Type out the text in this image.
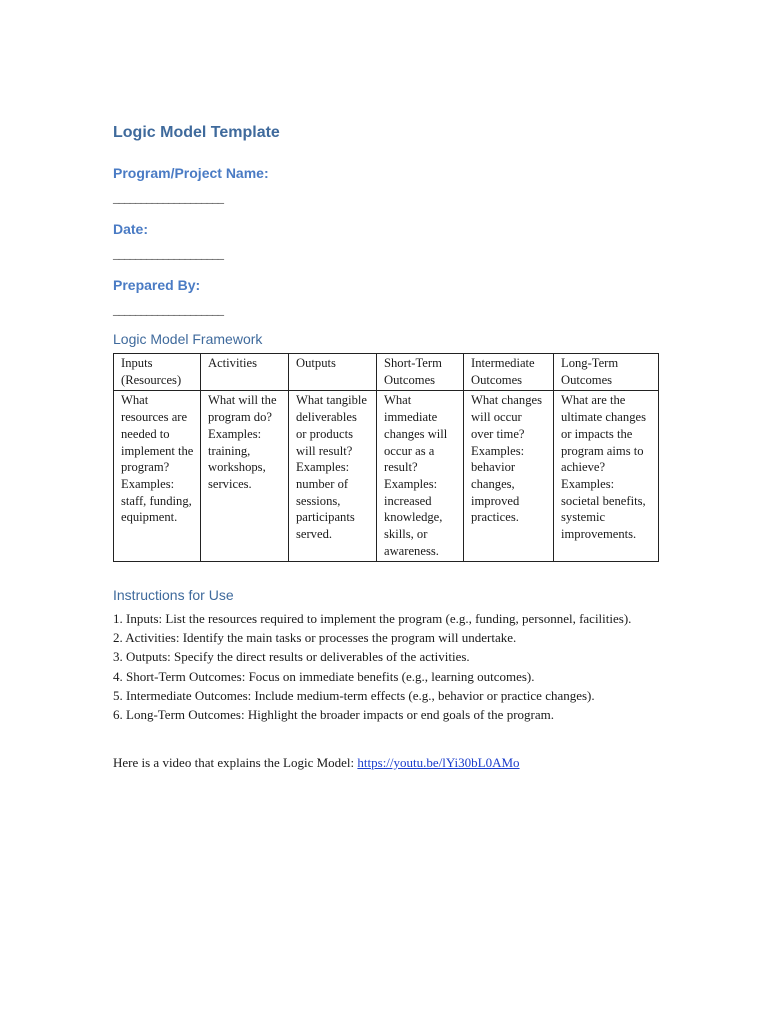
Logic Model Template
Program/Project Name:
____________________
Date:
____________________
Prepared By:
____________________
Logic Model Framework
Inputs (Resources)	Activities	Outputs	Short-Term Outcomes	Intermediate Outcomes	Long-Term Outcomes
What resources are needed to implement the program? Examples: staff, funding, equipment.	What will the program do? Examples: training, workshops, services.	What tangible deliverables or products will result? Examples: number of sessions, participants served.	What immediate changes will occur as a result? Examples: increased knowledge, skills, or awareness.	What changes will occur over time? Examples: behavior changes, improved practices.	What are the ultimate changes or impacts the program aims to achieve? Examples: societal benefits, systemic improvements.
Instructions for Use
1. Inputs: List the resources required to implement the program (e.g., funding, personnel, facilities).
2. Activities: Identify the main tasks or processes the program will undertake.
3. Outputs: Specify the direct results or deliverables of the activities.
4. Short-Term Outcomes: Focus on immediate benefits (e.g., learning outcomes).
5. Intermediate Outcomes: Include medium-term effects (e.g., behavior or practice changes).
6. Long-Term Outcomes: Highlight the broader impacts or end goals of the program.
Here is a video that explains the Logic Model: https://youtu.be/lYi30bL0AMo
